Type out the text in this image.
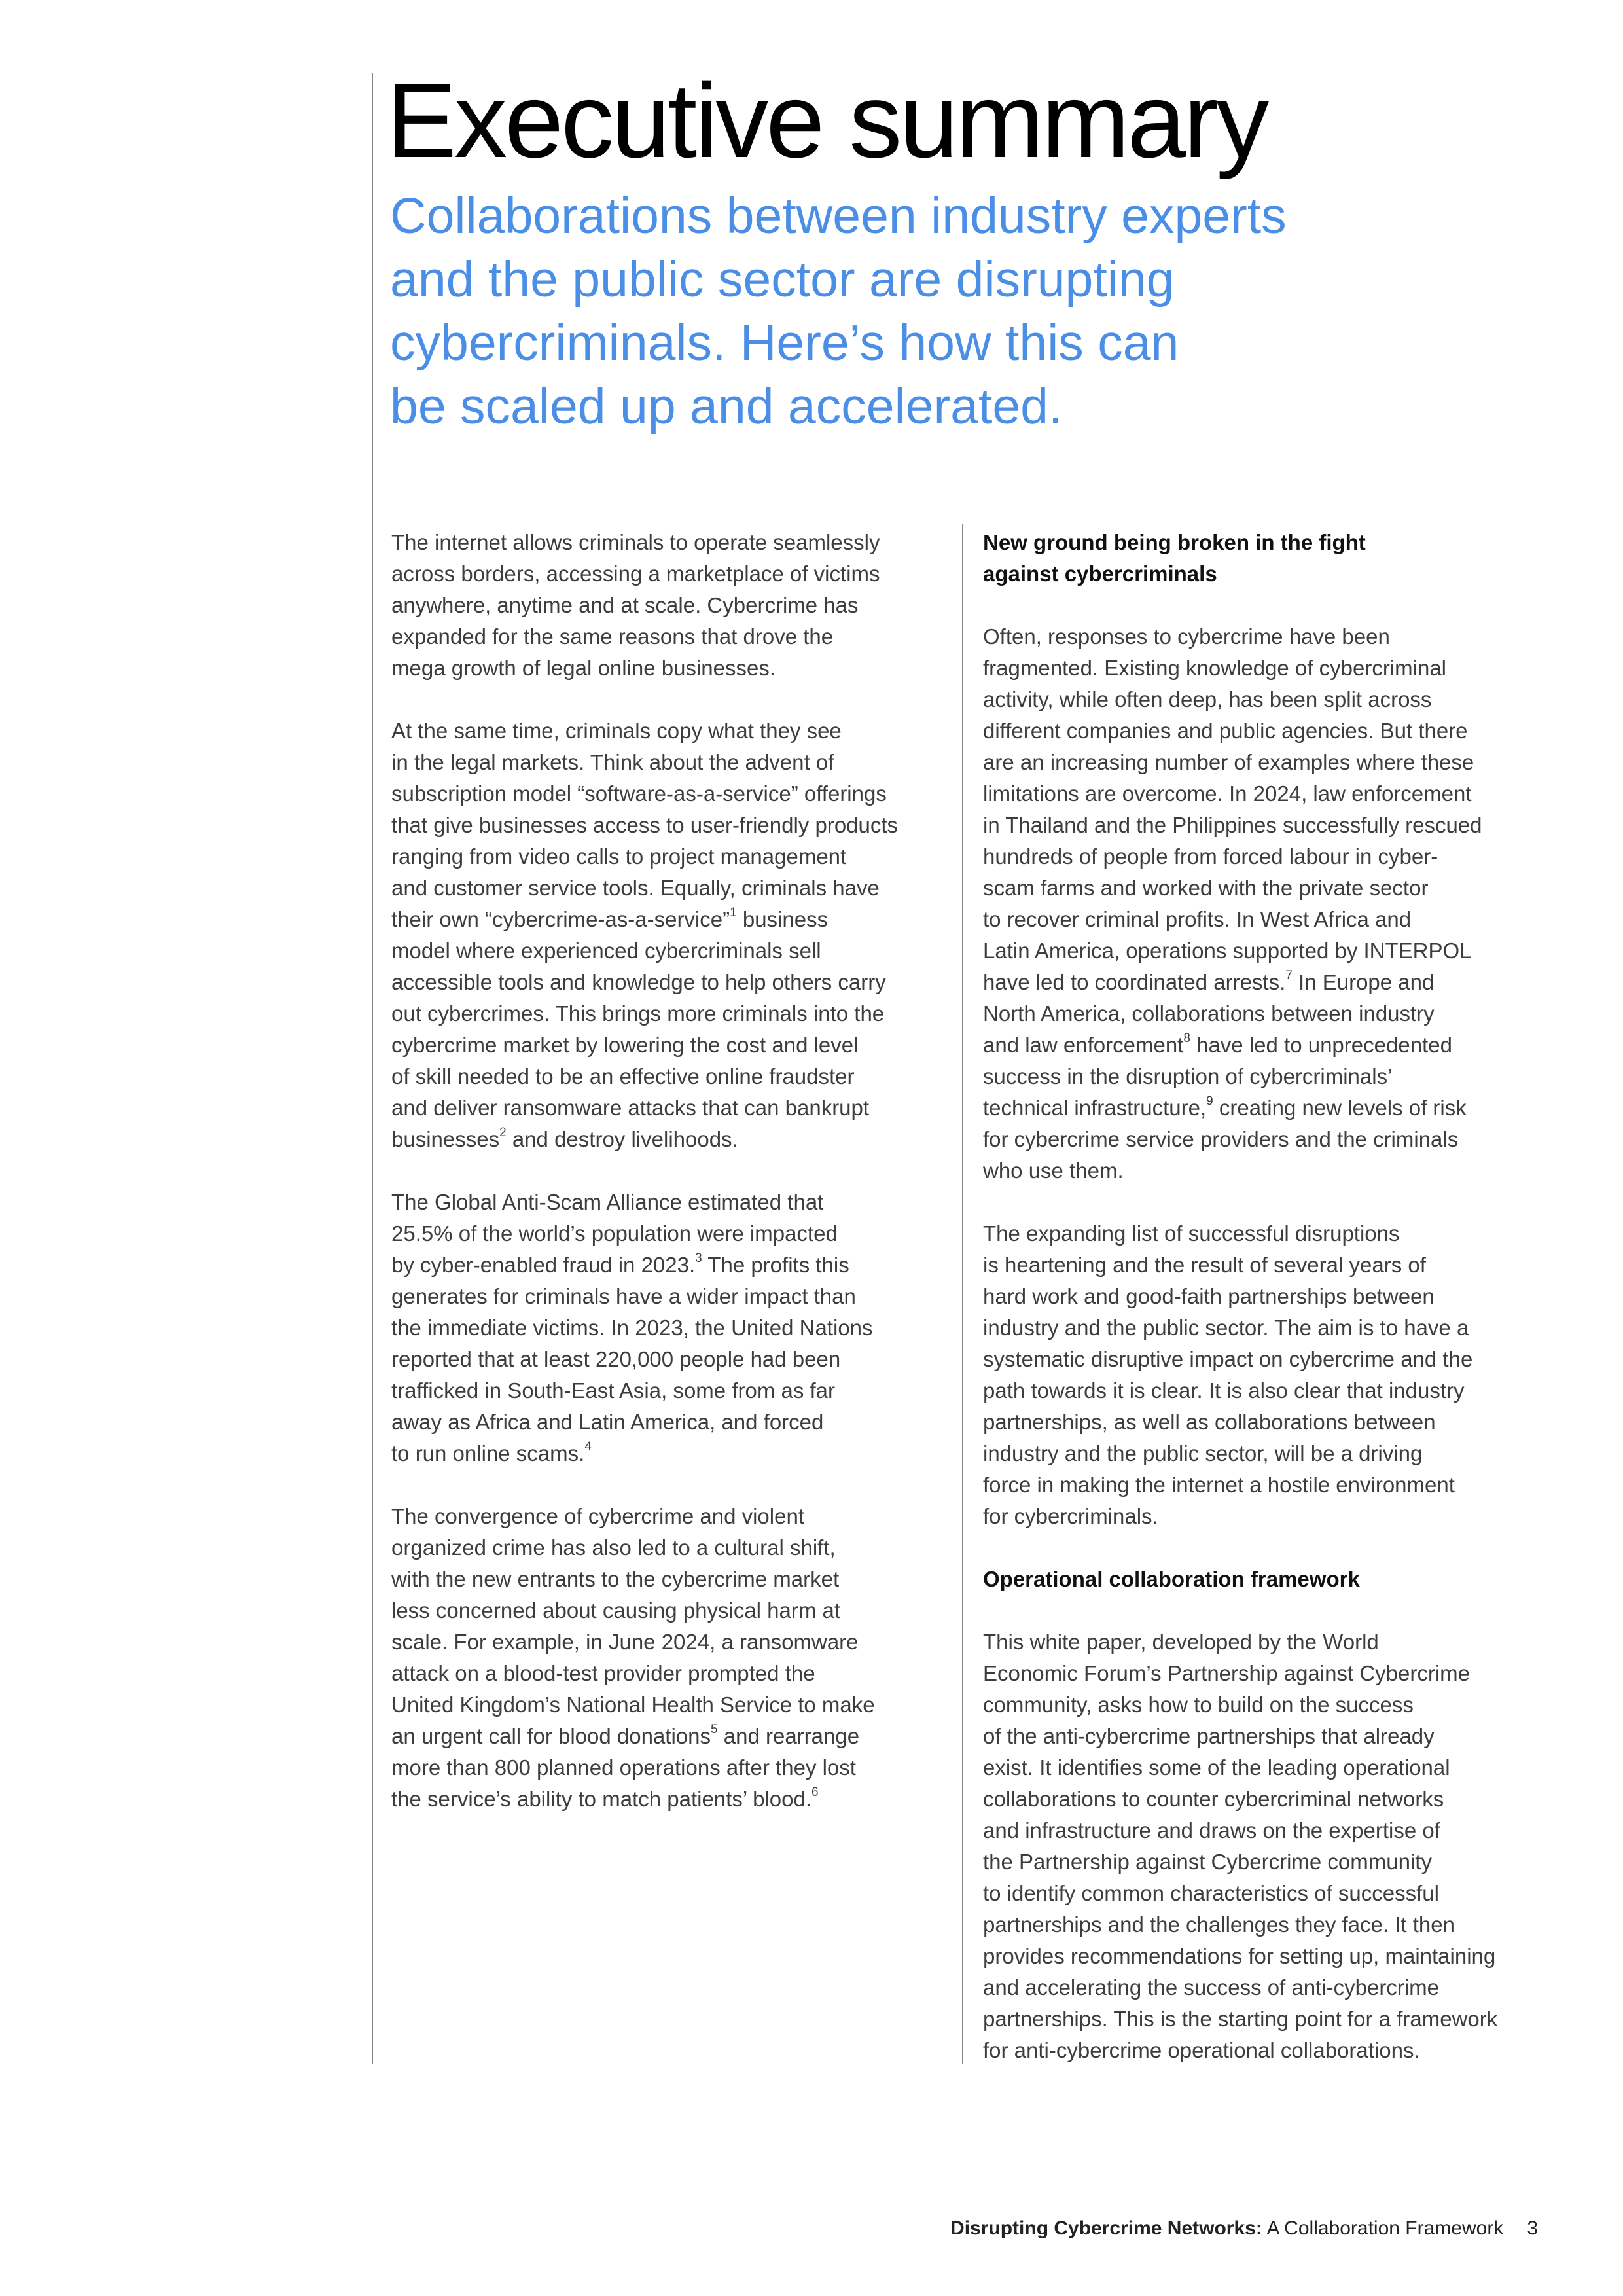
Executive summary
Collaborations between industry experts
and the public sector are disrupting
cybercriminals. Here’s how this can
be scaled up and accelerated.

The internet allows criminals to operate seamlessly
across borders, accessing a marketplace of victims
anywhere, anytime and at scale. Cybercrime has
expanded for the same reasons that drove the
mega growth of legal online businesses.

At the same time, criminals copy what they see
in the legal markets. Think about the advent of
subscription model “software-as-a-service” offerings
that give businesses access to user-friendly products
ranging from video calls to project management
and customer service tools. Equally, criminals have
their own “cybercrime-as-a-service”$^1$ business
model where experienced cybercriminals sell
accessible tools and knowledge to help others carry
out cybercrimes. This brings more criminals into the
cybercrime market by lowering the cost and level
of skill needed to be an effective online fraudster
and deliver ransomware attacks that can bankrupt
businesses$^2$ and destroy livelihoods.

The Global Anti-Scam Alliance estimated that
25.5% of the world’s population were impacted
by cyber-enabled fraud in 2023.$^3$ The profits this
generates for criminals have a wider impact than
the immediate victims. In 2023, the United Nations
reported that at least 220,000 people had been
trafficked in South-East Asia, some from as far
away as Africa and Latin America, and forced
to run online scams.$^4$

The convergence of cybercrime and violent
organized crime has also led to a cultural shift,
with the new entrants to the cybercrime market
less concerned about causing physical harm at
scale. For example, in June 2024, a ransomware
attack on a blood-test provider prompted the
United Kingdom’s National Health Service to make
an urgent call for blood donations$^5$ and rearrange
more than 800 planned operations after they lost
the service’s ability to match patients’ blood.$^6$

New ground being broken in the fight
against cybercriminals

Often, responses to cybercrime have been
fragmented. Existing knowledge of cybercriminal
activity, while often deep, has been split across
different companies and public agencies. But there
are an increasing number of examples where these
limitations are overcome. In 2024, law enforcement
in Thailand and the Philippines successfully rescued
hundreds of people from forced labour in cyber-
scam farms and worked with the private sector
to recover criminal profits. In West Africa and
Latin America, operations supported by INTERPOL
have led to coordinated arrests.$^7$ In Europe and
North America, collaborations between industry
and law enforcement$^8$ have led to unprecedented
success in the disruption of cybercriminals’
technical infrastructure,$^9$ creating new levels of risk
for cybercrime service providers and the criminals
who use them.

The expanding list of successful disruptions
is heartening and the result of several years of
hard work and good-faith partnerships between
industry and the public sector. The aim is to have a
systematic disruptive impact on cybercrime and the
path towards it is clear. It is also clear that industry
partnerships, as well as collaborations between
industry and the public sector, will be a driving
force in making the internet a hostile environment
for cybercriminals.

Operational collaboration framework

This white paper, developed by the World
Economic Forum’s Partnership against Cybercrime
community, asks how to build on the success
of the anti-cybercrime partnerships that already
exist. It identifies some of the leading operational
collaborations to counter cybercriminal networks
and infrastructure and draws on the expertise of
the Partnership against Cybercrime community
to identify common characteristics of successful
partnerships and the challenges they face. It then
provides recommendations for setting up, maintaining
and accelerating the success of anti-cybercrime
partnerships. This is the starting point for a framework
for anti-cybercrime operational collaborations.

Disrupting Cybercrime Networks: A Collaboration Framework 3
